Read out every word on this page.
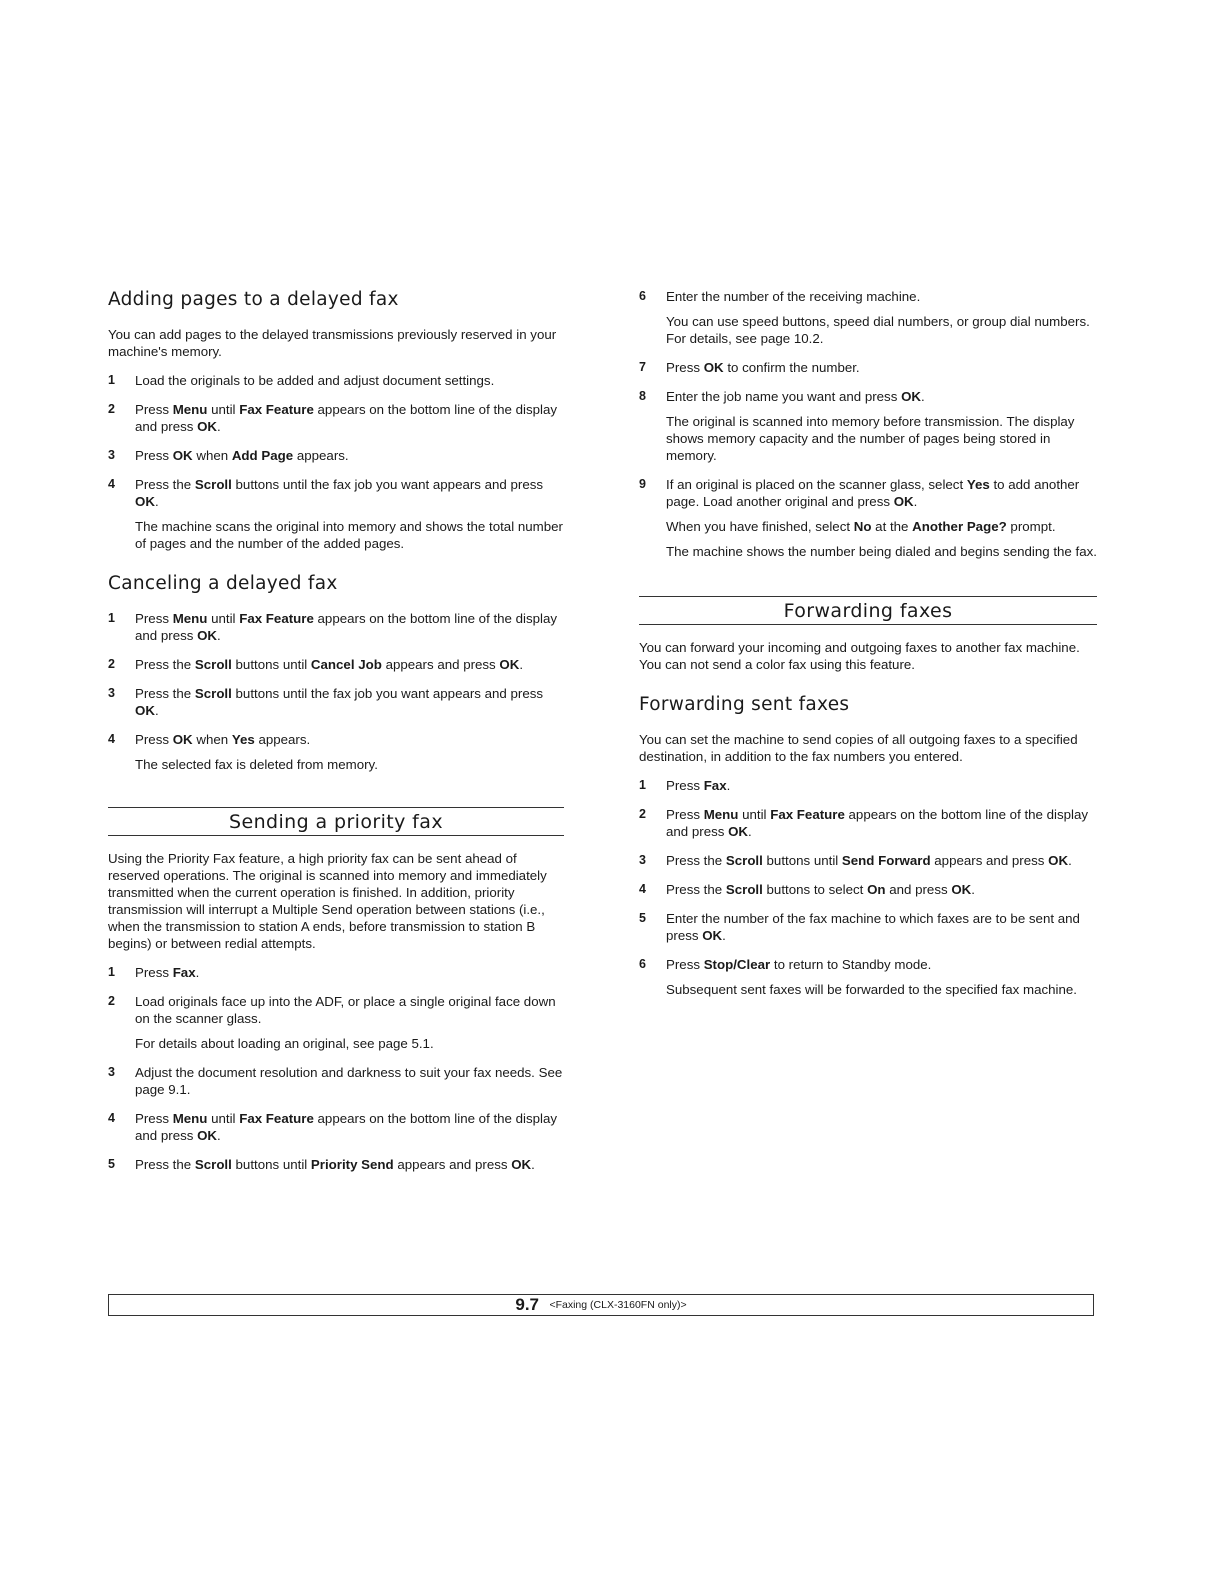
Adding pages to a delayed fax

You can add pages to the delayed transmissions previously reserved in your machine's memory.

1 Load the originals to be added and adjust document settings.
2 Press Menu until Fax Feature appears on the bottom line of the display and press OK.
3 Press OK when Add Page appears.
4 Press the Scroll buttons until the fax job you want appears and press OK.
The machine scans the original into memory and shows the total number of pages and the number of the added pages.
Canceling a delayed fax
1 Press Menu until Fax Feature appears on the bottom line of the display and press OK.
2 Press the Scroll buttons until Cancel Job appears and press OK.
3 Press the Scroll buttons until the fax job you want appears and press OK.
4 Press OK when Yes appears.
The selected fax is deleted from memory.
Sending a priority fax

Using the Priority Fax feature, a high priority fax can be sent ahead of reserved operations. The original is scanned into memory and immediately transmitted when the current operation is finished. In addition, priority transmission will interrupt a Multiple Send operation between stations (i.e., when the transmission to station A ends, before transmission to station B begins) or between redial attempts.

1 Press Fax.
2 Load originals face up into the ADF, or place a single original face down on the scanner glass.
For details about loading an original, see page 5.1.
3 Adjust the document resolution and darkness to suit your fax needs. See page 9.1.
4 Press Menu until Fax Feature appears on the bottom line of the display and press OK.
5 Press the Scroll buttons until Priority Send appears and press OK.
6 Enter the number of the receiving machine.
You can use speed buttons, speed dial numbers, or group dial numbers. For details, see page 10.2.
7 Press OK to confirm the number.
8 Enter the job name you want and press OK.
The original is scanned into memory before transmission. The display shows memory capacity and the number of pages being stored in memory.
9 If an original is placed on the scanner glass, select Yes to add another page. Load another original and press OK.
When you have finished, select No at the Another Page? prompt.
The machine shows the number being dialed and begins sending the fax.
Forwarding faxes

You can forward your incoming and outgoing faxes to another fax machine. You can not send a color fax using this feature.

Forwarding sent faxes

You can set the machine to send copies of all outgoing faxes to a specified destination, in addition to the fax numbers you entered.

1 Press Fax.
2 Press Menu until Fax Feature appears on the bottom line of the display and press OK.
3 Press the Scroll buttons until Send Forward appears and press OK.
4 Press the Scroll buttons to select On and press OK.
5 Enter the number of the fax machine to which faxes are to be sent and press OK.
6 Press Stop/Clear to return to Standby mode.
Subsequent sent faxes will be forwarded to the specified fax machine.
9.7 <Faxing (CLX-3160FN only)>
